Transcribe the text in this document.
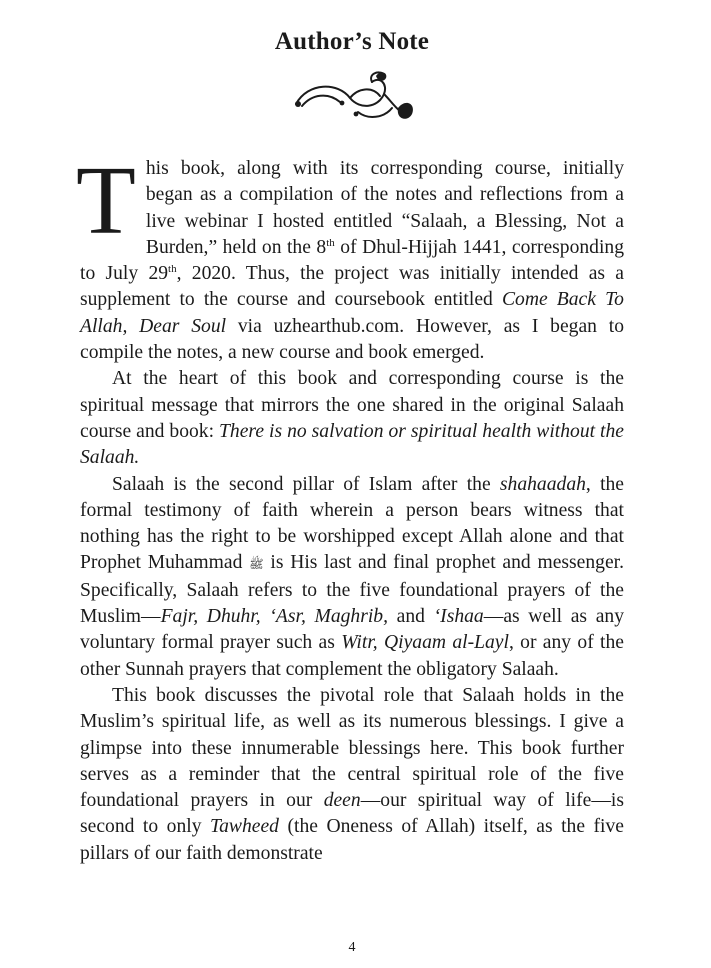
Author’s Note

This book, along with its corresponding course, initially began as a compilation of the notes and reflections from a live webinar I hosted entitled “Salaah, a Blessing, Not a Burden,” held on the 8th of Dhul-Hijjah 1441, corresponding to July 29th, 2020. Thus, the project was initially intended as a supplement to the course and coursebook entitled Come Back To Allah, Dear Soul via uzhearthub.com. However, as I began to compile the notes, a new course and book emerged.

At the heart of this book and corresponding course is the spiritual message that mirrors the one shared in the original Salaah course and book: There is no salvation or spiritual health without the Salaah.

Salaah is the second pillar of Islam after the shahaadah, the formal testimony of faith wherein a person bears witness that nothing has the right to be worshipped except Allah alone and that Prophet Muhammad ﷺ is His last and final prophet and messenger. Specifically, Salaah refers to the five foundational prayers of the Muslim—Fajr, Dhuhr, ‘Asr, Maghrib, and ‘Ishaa—as well as any voluntary formal prayer such as Witr, Qiyaam al-Layl, or any of the other Sunnah prayers that complement the obligatory Salaah.

This book discusses the pivotal role that Salaah holds in the Muslim’s spiritual life, as well as its numerous blessings. I give a glimpse into these innumerable blessings here. This book further serves as a reminder that the central spiritual role of the five foundational prayers in our deen—our spiritual way of life—is second to only Tawheed (the Oneness of Allah) itself, as the five pillars of our faith demonstrate

4
